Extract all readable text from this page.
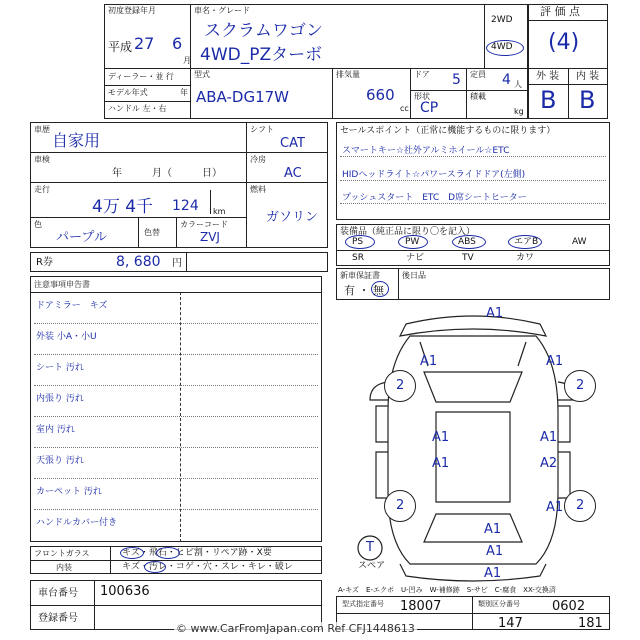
初度登録年月
平成 27 6
月
車名・グレード
スクラムワゴン
4WD_PZターボ
2WD
4WD
ディーラー・並 行
モデル年式	年
ハンドル 左・右
型式
ABA-DG17W
排気量
660
cc
ドア 5 定員 4 人
形状
CP
積載
kg
評 価 点
(4)
外 装 内 装
B B
車歴
自家用
車検
年　　　月（　　　日）
走行
4万 4千 124 km
色
パープル	色替
カラーコード
ZVJ
シフト
CAT
冷房
AC
燃料
ガソリン
R券	8, 680 円
セールスポイント（正常に機能するものに限ります）
スマートキー☆社外アルミホイール☆ETC
HIDヘッドライト☆パワースライドドア(左側)
プッシュスタート　ETC　D席シートヒーター
装備品（純正品に限り〇を記入）
PS	PW	ABS	エアB	AW
SR	ナビ	TV	カワ
新車保証書
有 ・ 無
後日品
注意事項申告書
ドアミラー　キズ
外装 小A・小U
シート 汚れ
内張り 汚れ
室内 汚れ
天張り 汚れ
カーペット 汚れ
ハンドルカバー付き
フロントガラス	キズ・飛石・ヒビ割・リペア跡・X要
内装	キズ・汚レ・コゲ・穴・スレ・キレ・破レ
A1
A1	A1
2	2
A1
A1
A1
A2
2	2
A1
A1
A1
A1
T
スペア
A-キズ　E-エクボ　U-凹み　W-補修跡　S-サビ　C-腐食　XX-交換済
車台番号 100636
登録番号
型式指定番号 18007	類別区分番号 0602
147	181
© www.CarFromJapan.com Ref CFJ1448613
